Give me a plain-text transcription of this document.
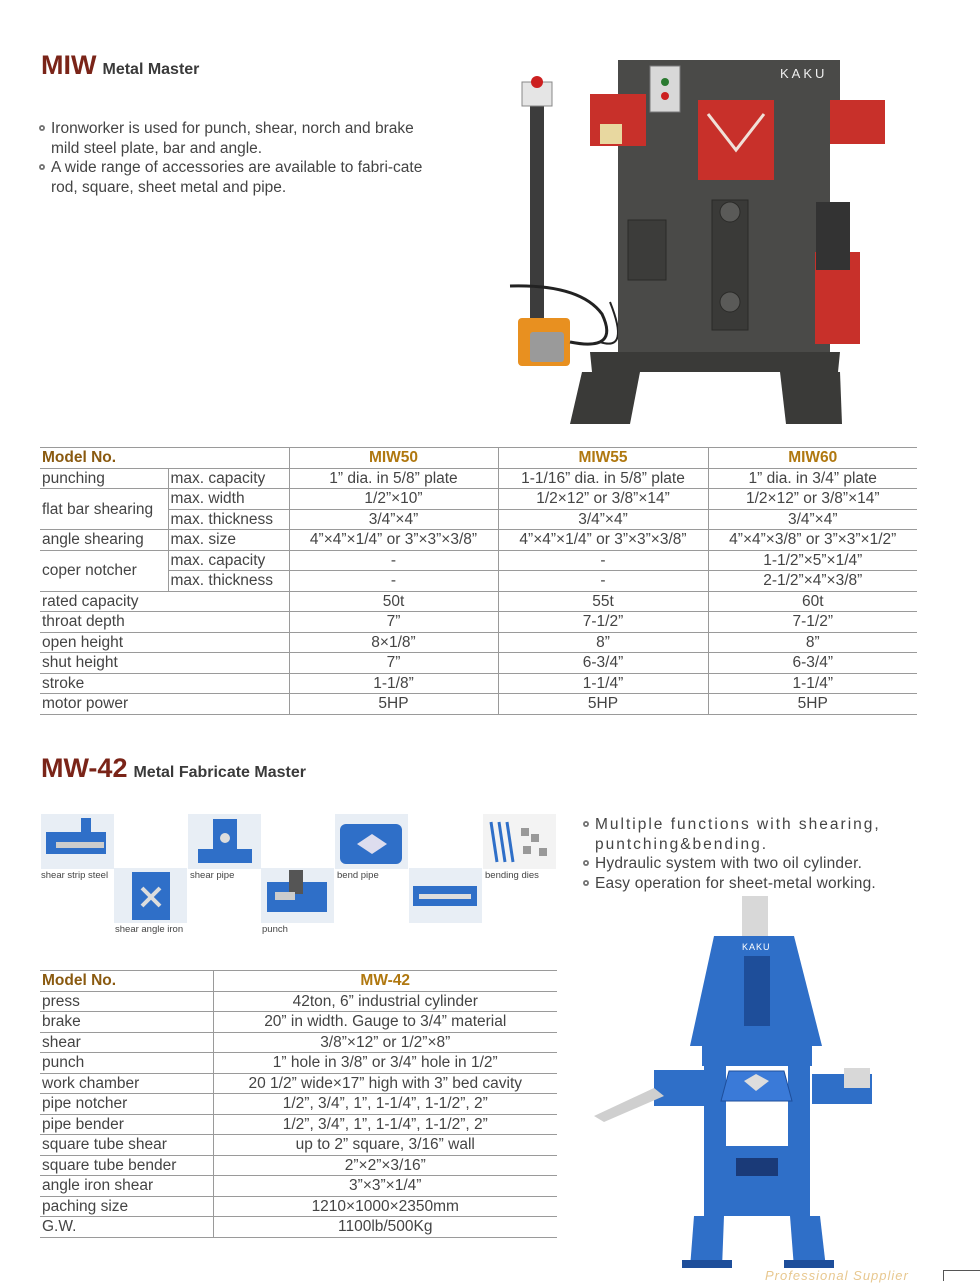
MIW Metal Master
Ironworker is used for punch, shear, norch and brake mild steel plate, bar and angle.
A wide range of accessories are available to fabri-cate rod, square, sheet metal and pipe.
KAKU
Model No.		MIW50	MIW55	MIW60
punching	max. capacity	1” dia. in 5/8” plate	1-1/16” dia. in 5/8” plate	1” dia. in 3/4” plate
flat bar shearing	max. width	1/2”×10”	1/2×12” or 3/8”×14”	1/2×12” or 3/8”×14”
	max. thickness	3/4”×4”	3/4”×4”	3/4”×4”
angle shearing	max. size	4”×4”×1/4” or 3”×3”×3/8”	4”×4”×1/4” or 3”×3”×3/8”	4”×4”×3/8” or 3”×3”×1/2”
coper notcher	max. capacity	-	-	1-1/2”×5”×1/4”
	max. thickness	-	-	2-1/2”×4”×3/8”
rated capacity		50t	55t	60t
throat depth		7”	7-1/2”	7-1/2”
open height		8×1/8”	8”	8”
shut height		7”	6-3/4”	6-3/4”
stroke		1-1/8”	1-1/4”	1-1/4”
motor power		5HP	5HP	5HP
MW-42 Metal Fabricate Master
shear strip steel	shear pipe	bend pipe	bending dies
shear angle iron	punch
Multiple functions with shearing, puntching&bending.
Hydraulic system with two oil cylinder.
Easy operation for sheet-metal working.
KAKU
Model No.	MW-42
press	42ton, 6” industrial cylinder
brake	20” in width. Gauge to 3/4” material
shear	3/8”×12” or 1/2”×8”
punch	1” hole in 3/8” or 3/4” hole in 1/2”
work chamber	20 1/2” wide×17” high with 3” bed cavity
pipe notcher	1/2”, 3/4”, 1”, 1-1/4”, 1-1/2”, 2”
pipe bender	1/2”, 3/4”, 1”, 1-1/4”, 1-1/2”, 2”
square tube shear	up to 2” square, 3/16” wall
square tube bender	2”×2”×3/16”
angle iron shear	3”×3”×1/4”
paching size	1210×1000×2350mm
G.W.	1100lb/500Kg
Professional Supplier
